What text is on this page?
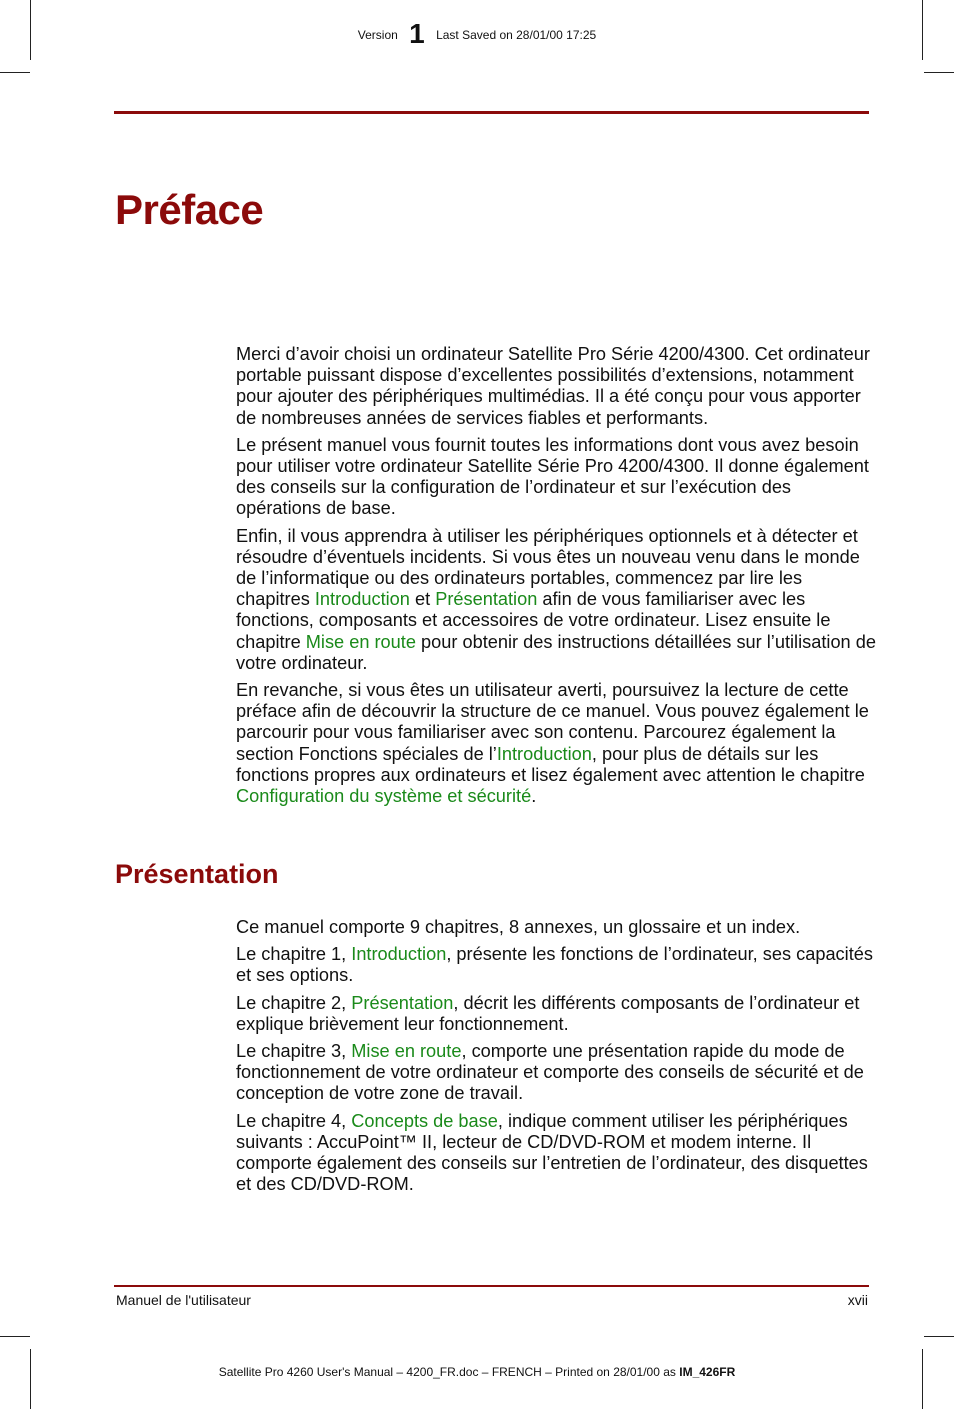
Version 1 Last Saved on 28/01/00 17:25
Préface

Merci d’avoir choisi un ordinateur Satellite Pro Série 4200/4300. Cet ordinateur portable puissant dispose d’excellentes possibilités d’extensions, notamment pour ajouter des périphériques multimédias. Il a été conçu pour vous apporter de nombreuses années de services fiables et performants.

Le présent manuel vous fournit toutes les informations dont vous avez besoin pour utiliser votre ordinateur Satellite Série Pro 4200/4300. Il donne également des conseils sur la configuration de l’ordinateur et sur l’exécution des opérations de base.

Enfin, il vous apprendra à utiliser les périphériques optionnels et à détecter et résoudre d’éventuels incidents. Si vous êtes un nouveau venu dans le monde de l’informatique ou des ordinateurs portables, commencez par lire les chapitres Introduction et Présentation afin de vous familiariser avec les fonctions, composants et accessoires de votre ordinateur. Lisez ensuite le chapitre Mise en route pour obtenir des instructions détaillées sur l’utilisation de votre ordinateur.

En revanche, si vous êtes un utilisateur averti, poursuivez la lecture de cette préface afin de découvrir la structure de ce manuel. Vous pouvez également le parcourir pour vous familiariser avec son contenu. Parcourez également la section Fonctions spéciales de l’Introduction, pour plus de détails sur les fonctions propres aux ordinateurs et lisez également avec attention le chapitre Configuration du système et sécurité.

Présentation

Ce manuel comporte 9 chapitres, 8 annexes, un glossaire et un index.

Le chapitre 1, Introduction, présente les fonctions de l’ordinateur, ses capacités et ses options.

Le chapitre 2, Présentation, décrit les différents composants de l’ordinateur et explique brièvement leur fonctionnement.

Le chapitre 3, Mise en route, comporte une présentation rapide du mode de fonctionnement de votre ordinateur et comporte des conseils de sécurité et de conception de votre zone de travail.

Le chapitre 4, Concepts de base, indique comment utiliser les périphériques suivants : AccuPoint™ II, lecteur de CD/DVD-ROM et modem interne. Il comporte également des conseils sur l’entretien de l’ordinateur, des disquettes et des CD/DVD-ROM.

Manuel de l'utilisateur	xvii
Satellite Pro 4260 User's Manual – 4200_FR.doc – FRENCH – Printed on 28/01/00 as IM_426FR
